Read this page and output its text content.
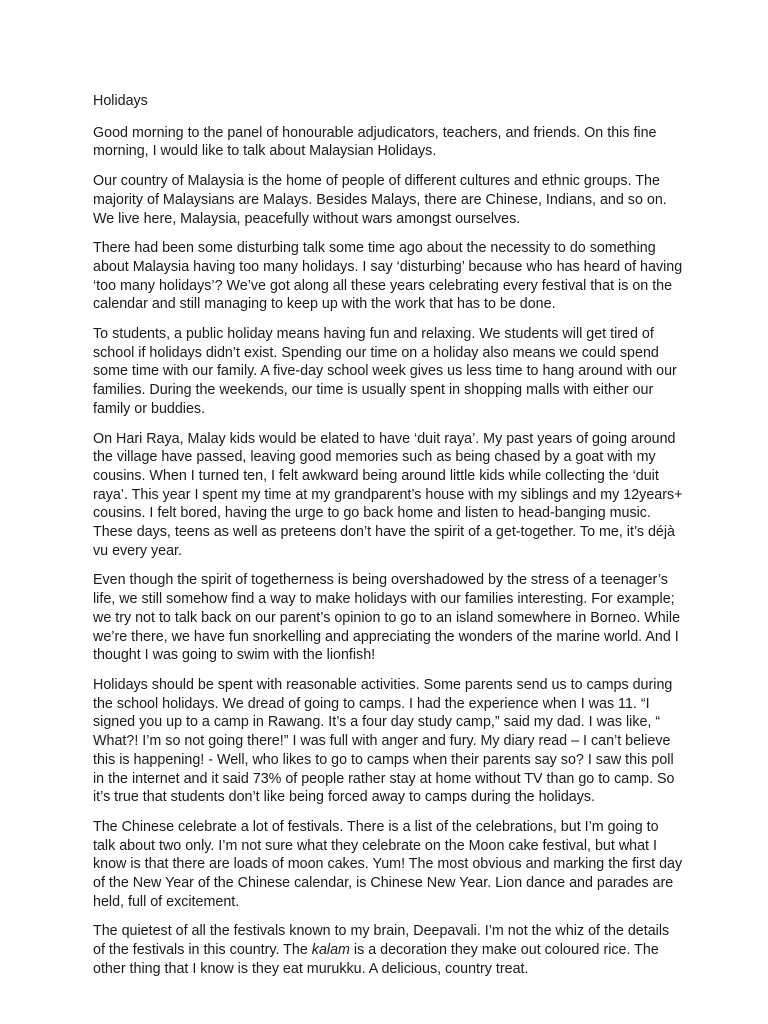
Holidays

Good morning to the panel of honourable adjudicators, teachers, and friends. On this fine morning, I would like to talk about Malaysian Holidays.

Our country of Malaysia is the home of people of different cultures and ethnic groups. The majority of Malaysians are Malays. Besides Malays, there are Chinese, Indians, and so on. We live here, Malaysia, peacefully without wars amongst ourselves.

There had been some disturbing talk some time ago about the necessity to do something about Malaysia having too many holidays. I say ‘disturbing’ because who has heard of having ‘too many holidays’? We’ve got along all these years celebrating every festival that is on the calendar and still managing to keep up with the work that has to be done.

To students, a public holiday means having fun and relaxing. We students will get tired of school if holidays didn’t exist. Spending our time on a holiday also means we could spend some time with our family. A five-day school week gives us less time to hang around with our families. During the weekends, our time is usually spent in shopping malls with either our family or buddies.

On Hari Raya, Malay kids would be elated to have ‘duit raya’. My past years of going around the village have passed, leaving good memories such as being chased by a goat with my cousins. When I turned ten, I felt awkward being around little kids while collecting the ‘duit raya’. This year I spent my time at my grandparent’s house with my siblings and my 12years+ cousins. I felt bored, having the urge to go back home and listen to head-banging music. These days, teens as well as preteens don’t have the spirit of a get-together. To me, it’s déjà vu every year.

Even though the spirit of togetherness is being overshadowed by the stress of a teenager’s life, we still somehow find a way to make holidays with our families interesting. For example; we try not to talk back on our parent’s opinion to go to an island somewhere in Borneo. While we’re there, we have fun snorkelling and appreciating the wonders of the marine world. And I thought I was going to swim with the lionfish!

Holidays should be spent with reasonable activities. Some parents send us to camps during the school holidays. We dread of going to camps. I had the experience when I was 11. “I signed you up to a camp in Rawang. It’s a four day study camp,” said my dad. I was like, “ What?! I’m so not going there!” I was full with anger and fury. My diary read – I can’t believe this is happening! - Well, who likes to go to camps when their parents say so? I saw this poll in the internet and it said 73% of people rather stay at home without TV than go to camp. So it’s true that students don’t like being forced away to camps during the holidays.

The Chinese celebrate a lot of festivals. There is a list of the celebrations, but I’m going to talk about two only. I’m not sure what they celebrate on the Moon cake festival, but what I know is that there are loads of moon cakes. Yum! The most obvious and marking the first day of the New Year of the Chinese calendar, is Chinese New Year. Lion dance and parades are held, full of excitement.

The quietest of all the festivals known to my brain, Deepavali. I’m not the whiz of the details of the festivals in this country. The kalam is a decoration they make out coloured rice. The other thing that I know is they eat murukku. A delicious, country treat.
